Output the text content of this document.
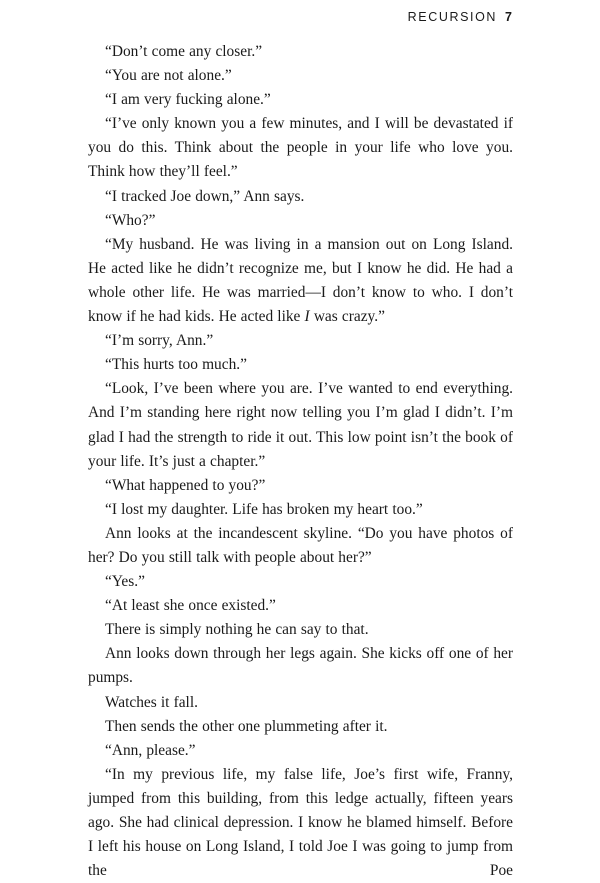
RECURSION 7

“Don’t come any closer.”

“You are not alone.”

“I am very fucking alone.”

“I’ve only known you a few minutes, and I will be devastated if you do this. Think about the people in your life who love you. Think how they’ll feel.”

“I tracked Joe down,” Ann says.

“Who?”

“My husband. He was living in a mansion out on Long Island. He acted like he didn’t recognize me, but I know he did. He had a whole other life. He was married—I don’t know to who. I don’t know if he had kids. He acted like I was crazy.”

“I’m sorry, Ann.”

“This hurts too much.”

“Look, I’ve been where you are. I’ve wanted to end everything. And I’m standing here right now telling you I’m glad I didn’t. I’m glad I had the strength to ride it out. This low point isn’t the book of your life. It’s just a chapter.”

“What happened to you?”

“I lost my daughter. Life has broken my heart too.”

Ann looks at the incandescent skyline. “Do you have photos of her? Do you still talk with people about her?”

“Yes.”

“At least she once existed.”

There is simply nothing he can say to that.

Ann looks down through her legs again. She kicks off one of her pumps.

Watches it fall.

Then sends the other one plummeting after it.

“Ann, please.”

“In my previous life, my false life, Joe’s first wife, Franny, jumped from this building, from this ledge actually, fifteen years ago. She had clinical depression. I know he blamed himself. Before I left his house on Long Island, I told Joe I was going to jump from the Poe
